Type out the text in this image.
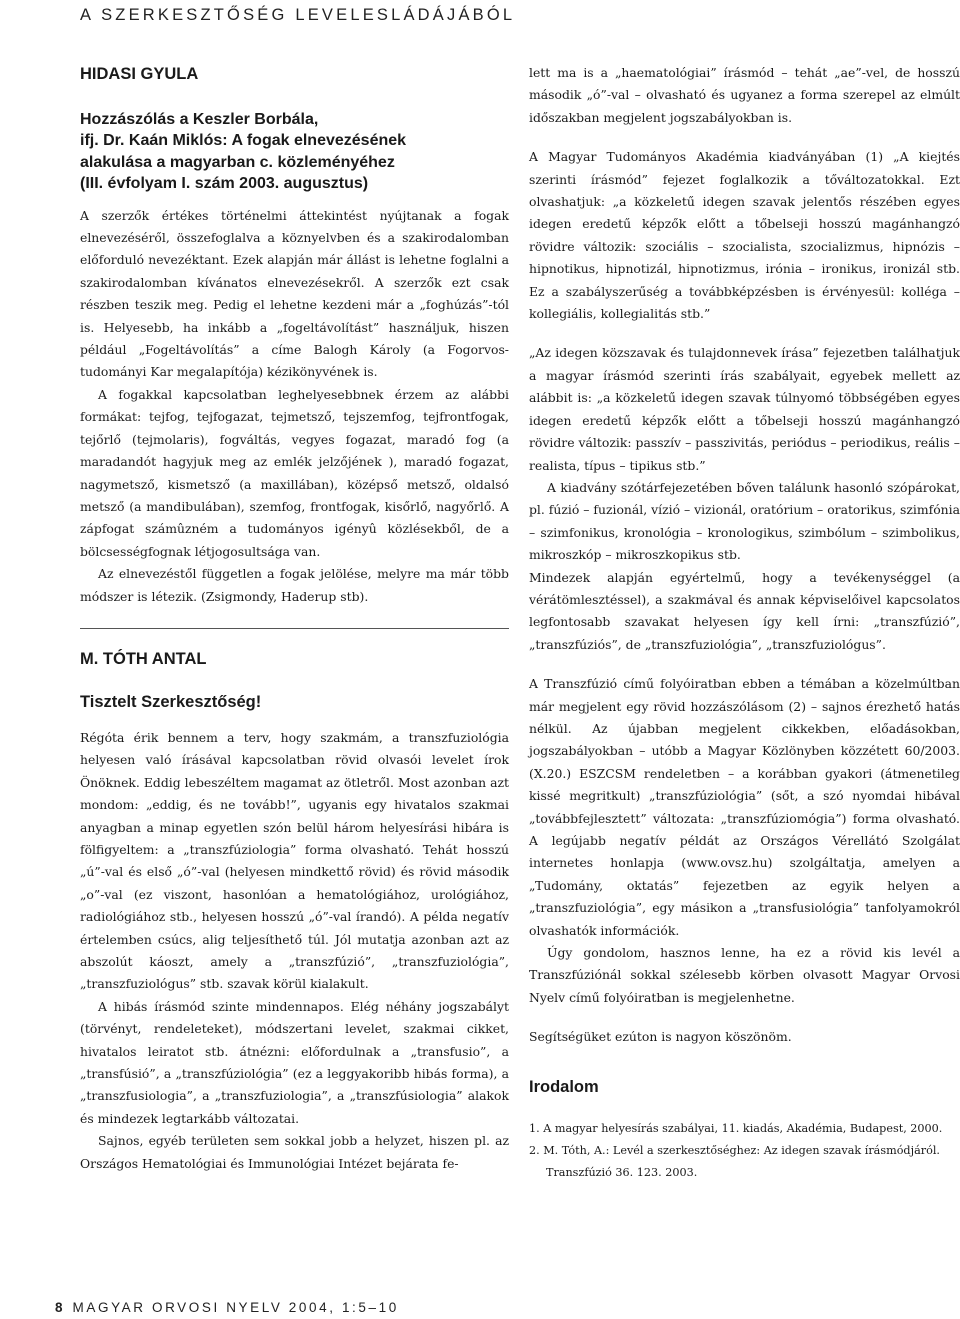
A SZERKESZTŐSÉG LEVELESLÁDÁJÁBÓL
HIDASI GYULA
Hozzászólás a Keszler Borbála,
ifj. Dr. Kaán Miklós: A fogak elnevezésének
alakulása a magyarban c. közleményéhez
(III. évfolyam I. szám 2003. augusztus)

A szerzők értékes történelmi áttekintést nyújtanak a fogak elnevezéséről, összefoglalva a köznyelvben és a szakirodalomban előforduló nevezéktant. Ezek alapján már állást is lehetne foglalni a szakirodalomban kívánatos elnevezésekről. A szerzők ezt csak részben teszik meg. Pedig el lehetne kezdeni már a „foghúzás”-tól is. Helyesebb, ha inkább a „fogeltávolítást” használjuk, hiszen például „Fogeltávolítás” a címe Balogh Károly (a Fogorvos-tudományi Kar megalapítója) kézikönyvének is.

A fogakkal kapcsolatban leghelyesebbnek érzem az alábbi formákat: tejfog, tejfogazat, tejmetsző, tejszemfog, tejfrontfogak, tejőrlő (tejmolaris), fogváltás, vegyes fogazat, maradó fog (a maradandót hagyjuk meg az emlék jelzőjének ), maradó fogazat, nagymetsző, kismetsző (a maxillában), középső metsző, oldalsó metsző (a mandibulában), szemfog, frontfogak, kisőrlő, nagyőrlő. A zápfogat számûzném a tudományos igényû közlésekből, de a bölcsességfognak létjogosultsága van.

Az elnevezéstől független a fogak jelölése, melyre ma már több módszer is létezik. (Zsigmondy, Haderup stb).

M. TÓTH ANTAL
Tisztelt Szerkesztőség!

Régóta érik bennem a terv, hogy szakmám, a transzfuziológia helyesen való írásával kapcsolatban rövid olvasói levelet írok Önöknek. Eddig lebeszéltem magamat az ötletről. Most azonban azt mondom: „eddig, és ne tovább!”, ugyanis egy hivatalos szakmai anyagban a minap egyetlen szón belül három helyesírási hibára is fölfigyeltem: a „transzfúziologia” forma olvasható. Tehát hosszú „ú”-val és első „ó”-val (helyesen mindkettő rövid) és rövid második „o”-val (ez viszont, hasonlóan a hematológiához, urológiához, radiológiához stb., helyesen hosszú „ó”-val írandó). A példa negatív értelemben csúcs, alig teljesíthető túl. Jól mutatja azonban azt az abszolút káoszt, amely a „transzfúzió”, „transzfuziológia”, „transzfuziológus” stb. szavak körül kialakult.

A hibás írásmód szinte mindennapos. Elég néhány jogszabályt (törvényt, rendeleteket), módszertani levelet, szakmai cikket, hivatalos leiratot stb. átnézni: előfordulnak a „transfusio”, a „transfúsió”, a „transzfúziológia” (ez a leggyakoribb hibás forma), a „transzfusiologia”, a „transzfuziologia”, a „transzfúsiologia” alakok és mindezek legtarkább változatai.

Sajnos, egyéb területen sem sokkal jobb a helyzet, hiszen pl. az Országos Hematológiai és Immunológiai Intézet bejárata fe-

lett ma is a „haematológiai” írásmód – tehát „ae”-vel, de hosszú második „ó”-val – olvasható és ugyanez a forma szerepel az elmúlt időszakban megjelent jogszabályokban is.

A Magyar Tudományos Akadémia kiadványában (1) „A kiejtés szerinti írásmód” fejezet foglalkozik a tőváltozatokkal. Ezt olvashatjuk: „a közkeletű idegen szavak jelentős részében egyes idegen eredetű képzők előtt a tőbelseji hosszú magánhangzó rövidre változik: szociális – szocialista, szocializmus, hipnózis – hipnotikus, hipnotizál, hipnotizmus, irónia – ironikus, ironizál stb. Ez a szabályszerűség a továbbképzésben is érvényesül: kolléga – kollegiális, kollegialitás stb.”

„Az idegen közszavak és tulajdonnevek írása” fejezetben találhatjuk a magyar írásmód szerinti írás szabályait, egyebek mellett az alábbit is: „a közkeletű idegen szavak túlnyomó többségében egyes idegen eredetű képzők előtt a tőbelseji hosszú magánhangzó rövidre változik: passzív – passzivitás, periódus – periodikus, reális – realista, típus – tipikus stb.”

A kiadvány szótárfejezetében bőven találunk hasonló szópárokat, pl. fúzió – fuzionál, vízió – vizionál, oratórium – oratorikus, szimfónia – szimfonikus, kronológia – kronologikus, szimbólum – szimbolikus, mikroszkóp – mikroszkopikus stb.

Mindezek alapján egyértelmű, hogy a tevékenységgel (a vérátömlesztéssel), a szakmával és annak képviselőivel kapcsolatos legfontosabb szavakat helyesen így kell írni: „transzfúzió”, „transzfúziós”, de „transzfuziológia”, „transzfuziológus”.

A Transzfúzió című folyóiratban ebben a témában a közelmúltban már megjelent egy rövid hozzászólásom (2) – sajnos érezhető hatás nélkül. Az újabban megjelent cikkekben, előadásokban, jogszabályokban – utóbb a Magyar Közlönyben közzétett 60/2003. (X.20.) ESZCSM rendeletben – a korábban gyakori (átmenetileg kissé megritkult) „transzfúziológia” (sőt, a szó nyomdai hibával „továbbfejlesztett” változata: „transzfúziomógia”) forma olvasható. A legújabb negatív példát az Országos Vérellátó Szolgálat internetes honlapja (www.ovsz.hu) szolgáltatja, amelyen a „Tudomány, oktatás” fejezetben az egyik helyen a „transzfuziológia”, egy másikon a „transfusiológia” tanfolyamokról olvashatók információk.

Úgy gondolom, hasznos lenne, ha ez a rövid kis levél a Transzfúziónál sokkal szélesebb körben olvasott Magyar Orvosi Nyelv című folyóiratban is megjelenhetne.

Segítségüket ezúton is nagyon köszönöm.

Irodalom

1. A magyar helyesírás szabályai, 11. kiadás, Akadémia, Budapest, 2000.

2. M. Tóth, A.: Levél a szerkesztőséghez: Az idegen szavak írásmódjáról.

Transzfúzió 36. 123. 2003.

8 MAGYAR ORVOSI NYELV 2004, 1:5–10
